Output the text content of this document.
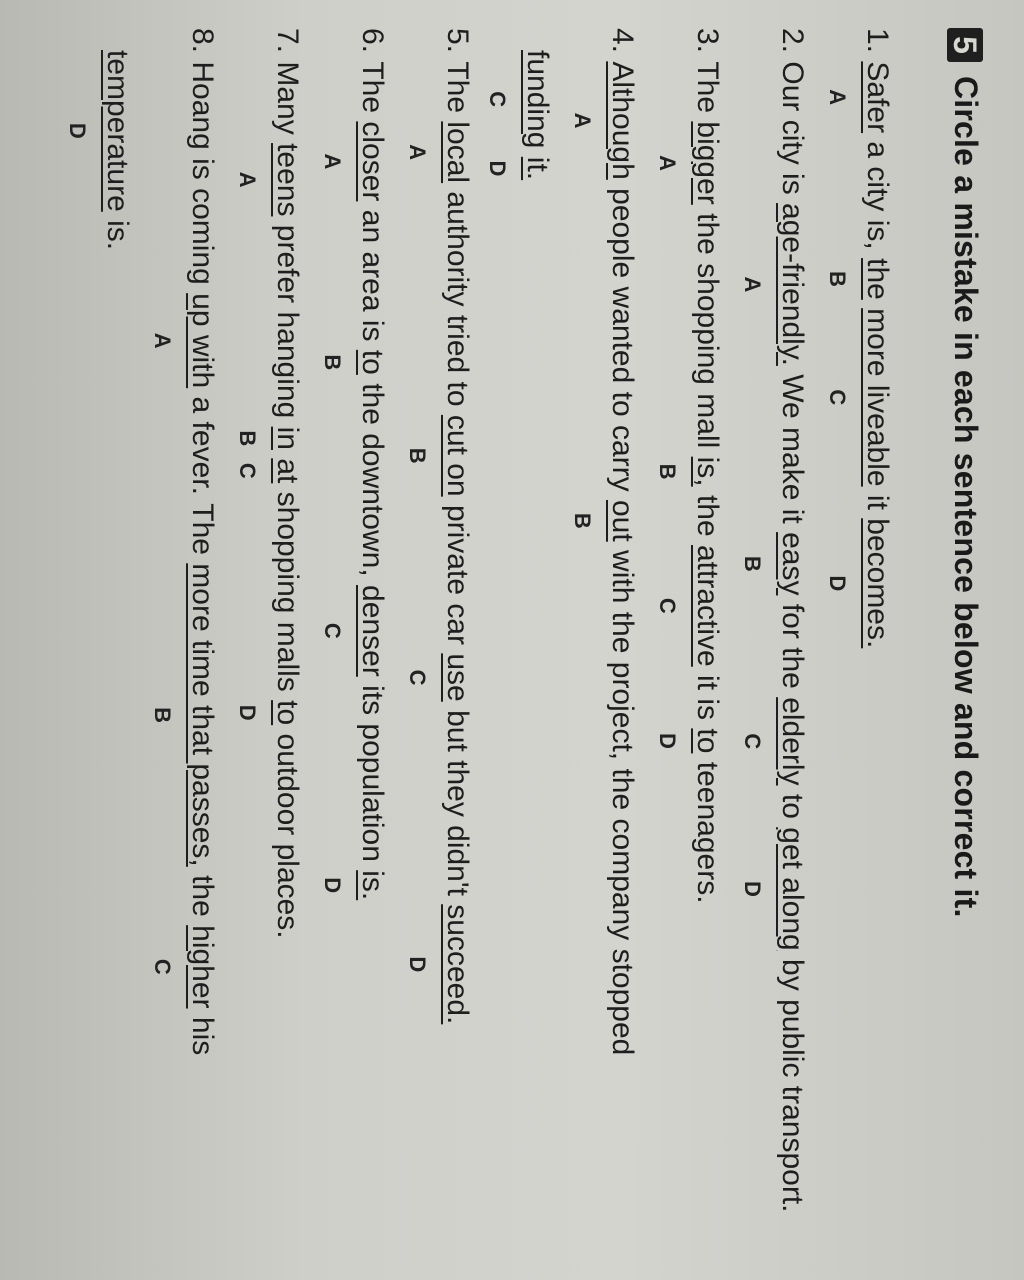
5
Circle a mistake in each sentence below and correct it.
1. Safer
A
a city is, the
B
more liveable
C
it becomes.
D
2. Our city is age-friendly.
A
We make it easy
B
for the elderly
C
to get along
D
by public transport.
3. The bigger
A
the shopping mall is,
B
the attractive
C
it is to
D
teenagers.
4. Although
A
people wanted to carry out
B
with the project, the company stopped
funding
C
it.
D
5. The local
A
authority tried to cut on
B
private car use
C
but they didn't succeed.
D
6. The closer
A
an area is to
B
the downtown, denser
C
its population is.
D
7. Many teens
A
prefer hanging in
B
at
C
shopping malls to
D
outdoor places.
8. Hoang is coming up with
A
a fever. The more time that passes,
B
the higher
C
his
temperature
D
is.
